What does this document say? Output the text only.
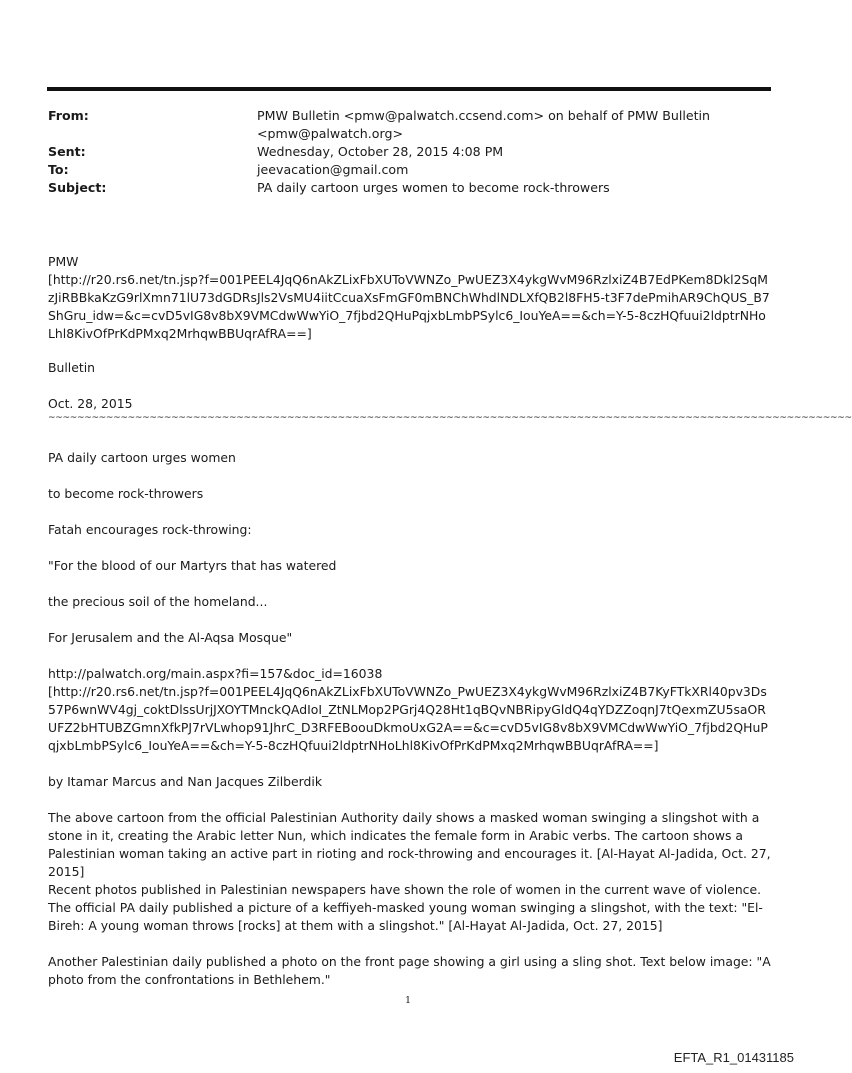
From:	PMW Bulletin <pmw@palwatch.ccsend.com> on behalf of PMW Bulletin <pmw@palwatch.org>
Sent:	Wednesday, October 28, 2015 4:08 PM
To:	jeevacation@gmail.com
Subject:	PA daily cartoon urges women to become rock-throwers
PMW
[http://r20.rs6.net/tn.jsp?f=001PEEL4JqQ6nAkZLixFbXUToVWNZo_PwUEZ3X4ykgWvM96RzlxiZ4B7EdPKem8Dkl2SqMzJiRBBkaKzG9rlXmn71lU73dGDRsJls2VsMU4iitCcuaXsFmGF0mBNChWhdlNDLXfQB2l8FH5-t3F7dePmihAR9ChQUS_B7ShGru_idw=&c=cvD5vIG8v8bX9VMCdwWwYiO_7fjbd2QHuPqjxbLmbPSylc6_IouYeA==&ch=Y-5-8czHQfuui2ldptrNHoLhl8KivOfPrKdPMxq2MrhqwBBUqrAfRA==]
Bulletin
Oct. 28, 2015
~~~~~~~~~~~~~~~~~~~~~~~~~~~~~~~~~~~~~~~~~~~~~~~~~~~~~~~~~~~~~~~~~~~~~~~~~~~~~~~~~~~~~~~~~~~~~~~~~~~~~~~~~~~~~~~
PA daily cartoon urges women
to become rock-throwers
Fatah encourages rock-throwing:
"For the blood of our Martyrs that has watered
the precious soil of the homeland...
For Jerusalem and the Al-Aqsa Mosque"
http://palwatch.org/main.aspx?fi=157&doc_id=16038
[http://r20.rs6.net/tn.jsp?f=001PEEL4JqQ6nAkZLixFbXUToVWNZo_PwUEZ3X4ykgWvM96RzlxiZ4B7KyFTkXRl40pv3Ds57P6wnWV4gj_coktDlssUrjJXOYTMnckQAdIoI_ZtNLMop2PGrj4Q28Ht1qBQvNBRipyGldQ4qYDZZoqnJ7tQexmZU5saORUFZ2bHTUBZGmnXfkPJ7rVLwhop91JhrC_D3RFEBoouDkmoUxG2A==&c=cvD5vIG8v8bX9VMCdwWwYiO_7fjbd2QHuPqjxbLmbPSylc6_IouYeA==&ch=Y-5-8czHQfuui2ldptrNHoLhl8KivOfPrKdPMxq2MrhqwBBUqrAfRA==]
by Itamar Marcus and Nan Jacques Zilberdik
The above cartoon from the official Palestinian Authority daily shows a masked woman swinging a slingshot with a stone in it, creating the Arabic letter Nun, which indicates the female form in Arabic verbs. The cartoon shows a Palestinian woman taking an active part in rioting and rock-throwing and encourages it. [Al-Hayat Al-Jadida, Oct. 27, 2015]
Recent photos published in Palestinian newspapers have shown the role of women in the current wave of violence. The official PA daily published a picture of a keffiyeh-masked young woman swinging a slingshot, with the text: "El-Bireh: A young woman throws [rocks] at them with a slingshot." [Al-Hayat Al-Jadida, Oct. 27, 2015]
Another Palestinian daily published a photo on the front page showing a girl using a sling shot. Text below image: "A photo from the confrontations in Bethlehem."
1
EFTA_R1_01431185
